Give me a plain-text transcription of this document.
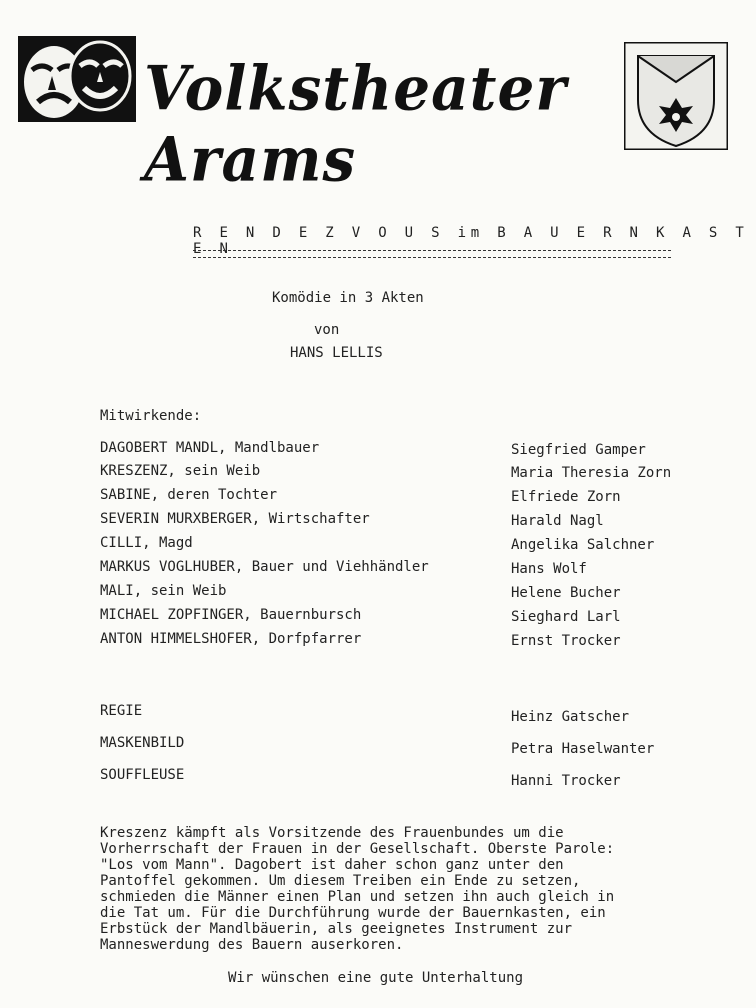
Volkstheater Arams
R E N D E Z V O U S im B A U E R N K A S T E N
Komödie in 3 Akten
von
HANS LELLIS
Mitwirkende:
DAGOBERT MANDL, Mandlbauer	Siegfried Gamper
KRESZENZ, sein Weib	Maria Theresia Zorn
SABINE, deren Tochter	Elfriede Zorn
SEVERIN MURXBERGER, Wirtschafter	Harald Nagl
CILLI, Magd	Angelika Salchner
MARKUS VOGLHUBER, Bauer und Viehhändler	Hans Wolf
MALI, sein Weib	Helene Bucher
MICHAEL ZOPFINGER, Bauernbursch	Sieghard Larl
ANTON HIMMELSHOFER, Dorfpfarrer	Ernst Trocker
REGIE	Heinz Gatscher
MASKENBILD	Petra Haselwanter
SOUFFLEUSE	Hanni Trocker
Kreszenz kämpft als Vorsitzende des Frauenbundes um die
Vorherrschaft der Frauen in der Gesellschaft. Oberste Parole:
"Los vom Mann". Dagobert ist daher schon ganz unter den
Pantoffel gekommen. Um diesem Treiben ein Ende zu setzen,
schmieden die Männer einen Plan und setzen ihn auch gleich in
die Tat um. Für die Durchführung wurde der Bauernkasten, ein
Erbstück der Mandlbäuerin, als geeignetes Instrument zur
Manneswerdung des Bauern auserkoren.
Wir wünschen eine gute Unterhaltung
